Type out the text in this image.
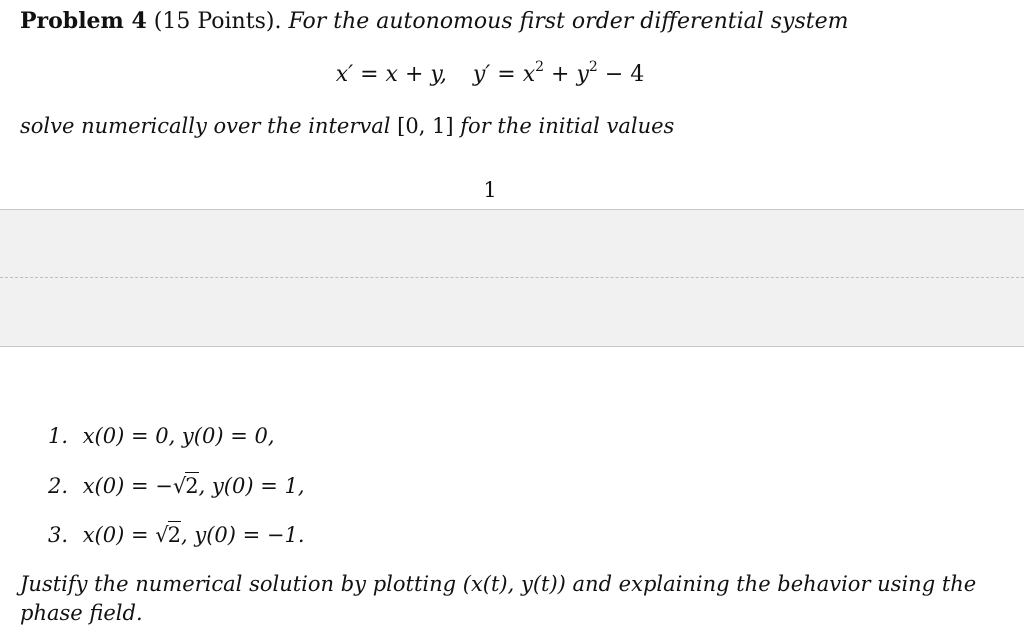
Problem 4 (15 Points). For the autonomous first order differential system
x′ = x + y, $y' = x^2 + y^2 - 4$
solve numerically over the interval [0, 1] for the initial values
1
1. x(0) = 0, y(0) = 0,
2. x(0) = −√2, y(0) = 1,
3. x(0) = √2, y(0) = −1.
Justify the numerical solution by plotting (x(t), y(t)) and explaining the behavior using the phase field.
